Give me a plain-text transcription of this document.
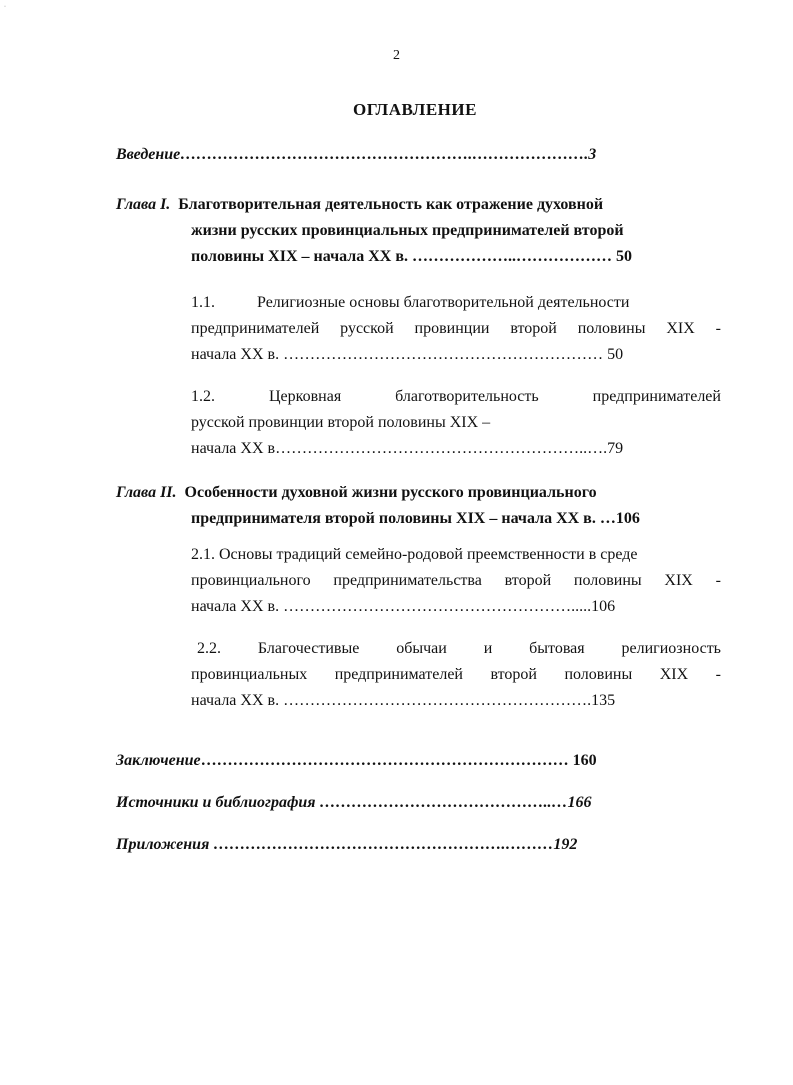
·
2
ОГЛАВЛЕНИЕ
Введение……………………………………………….………………….3
Глава I. Благотворительная деятельность как отражение духовной
жизни русских провинциальных предпринимателей второй
половины XIX – начала XX в. ………………..……………… 50
1.1.	Религиозные основы благотворительной деятельности
предпринимателей русской провинции второй половины XIX -
начала XX в. …………………………………………………… 50
1.2.	Церковная	благотворительность	предпринимателей
русской провинции второй половины XIX –
начала XX в…………………………………………………..….79
Глава II. Особенности духовной жизни русского провинциального
предпринимателя второй половины XIX – начала XX в. …106
2.1. Основы традиций семейно-родовой преемственности в среде
провинциального предпринимательства второй половины XIX -
начала XX в. ……………………………………………….....106
2.2. Благочестивые обычаи и бытовая религиозность
провинциальных предпринимателей второй половины XIX -
начала XX в. ………………………………………………….135
Заключение…………………………………………………………… 160
Источники и библиография ……………………………………..…166
Приложения ……………………………………………….………192
